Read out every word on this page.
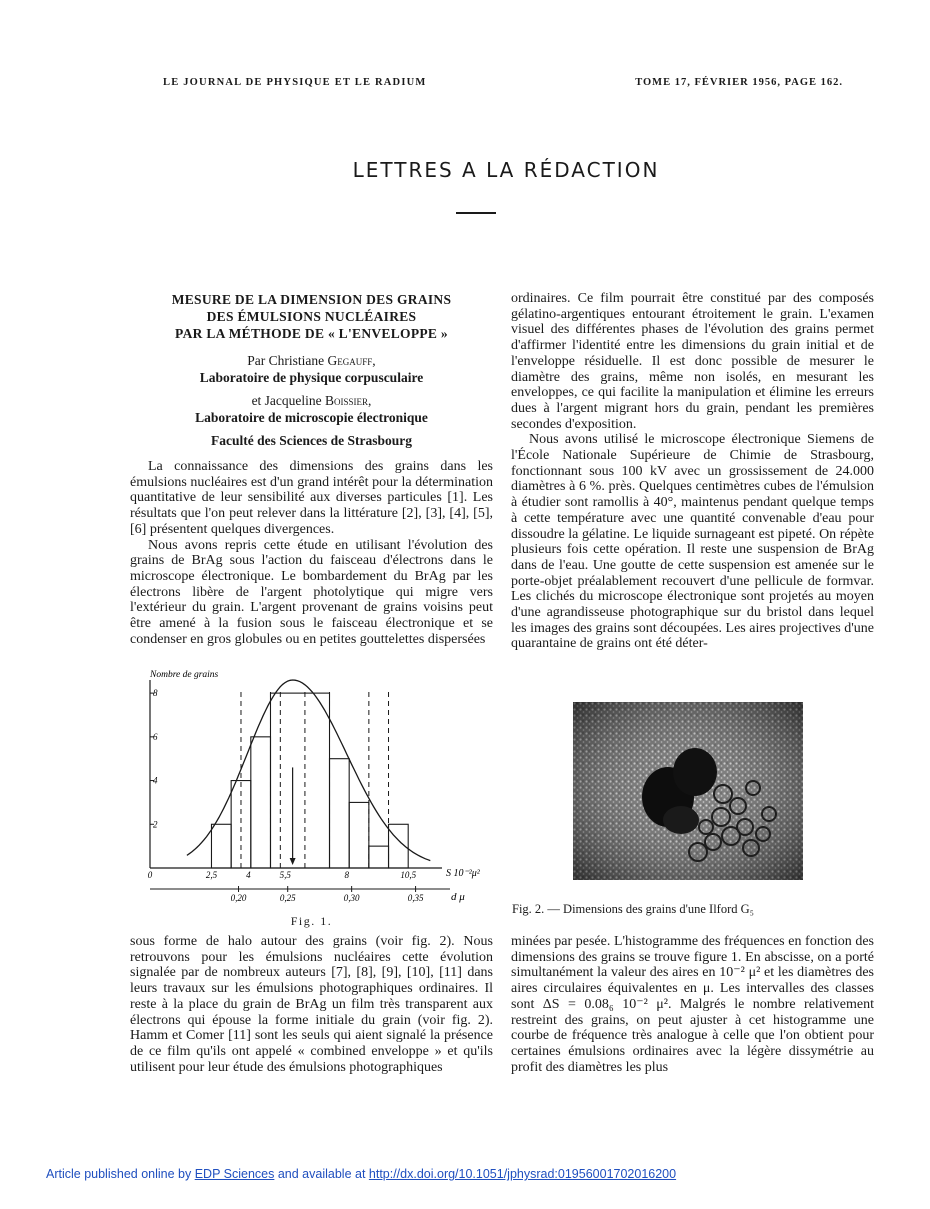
LE JOURNAL DE PHYSIQUE ET LE RADIUM	TOME 17, FÉVRIER 1956, PAGE 162.
LETTRES A LA RÉDACTION

MESURE DE LA DIMENSION DES GRAINS

DES ÉMULSIONS NUCLÉAIRES

PAR LA MÉTHODE DE « L'ENVELOPPE »

Par Christiane Gegauff,
Laboratoire de physique corpusculaire
et Jacqueline Boissier,
Laboratoire de microscopie électronique
Faculté des Sciences de Strasbourg

La connaissance des dimensions des grains dans les émulsions nucléaires est d'un grand intérêt pour la détermination quantitative de leur sensibilité aux diverses particules [1]. Les résultats que l'on peut relever dans la littérature [2], [3], [4], [5], [6] présentent quelques divergences.

Nous avons repris cette étude en utilisant l'évolution des grains de BrAg sous l'action du faisceau d'électrons dans le microscope électronique. Le bombardement du BrAg par les électrons libère de l'argent photolytique qui migre vers l'extérieur du grain. L'argent provenant de grains voisins peut être amené à la fusion sous le faisceau électronique et se condenser en gros globules ou en petites gouttelettes dispersées

ordinaires. Ce film pourrait être constitué par des composés gélatino-argentiques entourant étroitement le grain. L'examen visuel des différentes phases de l'évolution des grains permet d'affirmer l'identité entre les dimensions du grain initial et de l'enveloppe résiduelle. Il est donc possible de mesurer le diamètre des grains, même non isolés, en mesurant les enveloppes, ce qui facilite la manipulation et élimine les erreurs dues à l'argent migrant hors du grain, pendant les premières secondes d'exposition.

Nous avons utilisé le microscope électronique Siemens de l'École Nationale Supérieure de Chimie de Strasbourg, fonctionnant sous 100 kV avec un grossissement de 24.000 diamètres à 6 %. près. Quelques centimètres cubes de l'émulsion à étudier sont ramollis à 40°, maintenus pendant quelque temps à cette température avec une quantité convenable d'eau pour dissoudre la gélatine. Le liquide surnageant est pipeté. On répète plusieurs fois cette opération. Il reste une suspension de BrAg dans de l'eau. Une goutte de cette suspension est amenée sur le porte-objet préalablement recouvert d'une pellicule de formvar. Les clichés du microscope électronique sont projetés au moyen d'une agrandisseuse photographique sur du bristol dans lequel les images des grains sont découpées. Les aires projectives d'une quarantaine de grains ont été déter-

Nombre de grains
S 10⁻²μ²
d μ
2
4
6
8
0	2,5	4	5,5	8	10,5
0,20	0,25	0,30	0,35
Fig. 1.
Fig. 2. — Dimensions des grains d'une Ilford G₅

sous forme de halo autour des grains (voir fig. 2). Nous retrouvons pour les émulsions nucléaires cette évolution signalée par de nombreux auteurs [7], [8], [9], [10], [11] dans leurs travaux sur les émulsions photographiques ordinaires. Il reste à la place du grain de BrAg un film très transparent aux électrons qui épouse la forme initiale du grain (voir fig. 2). Hamm et Comer [11] sont les seuls qui aient signalé la présence de ce film qu'ils ont appelé « combined enveloppe » et qu'ils utilisent pour leur étude des émulsions photographiques

minées par pesée. L'histogramme des fréquences en fonction des dimensions des grains se trouve figure 1. En abscisse, on a porté simultanément la valeur des aires en 10⁻² μ² et les diamètres des aires circulaires équivalentes en μ. Les intervalles des classes sont ΔS = 0.08₆ 10⁻² μ². Malgrés le nombre relativement restreint des grains, on peut ajuster à cet histogramme une courbe de fréquence très analogue à celle que l'on obtient pour certaines émulsions ordinaires avec la légère dissymétrie au profit des diamètres les plus

Article published online by EDP Sciences and available at http://dx.doi.org/10.1051/jphysrad:01956001702016200
